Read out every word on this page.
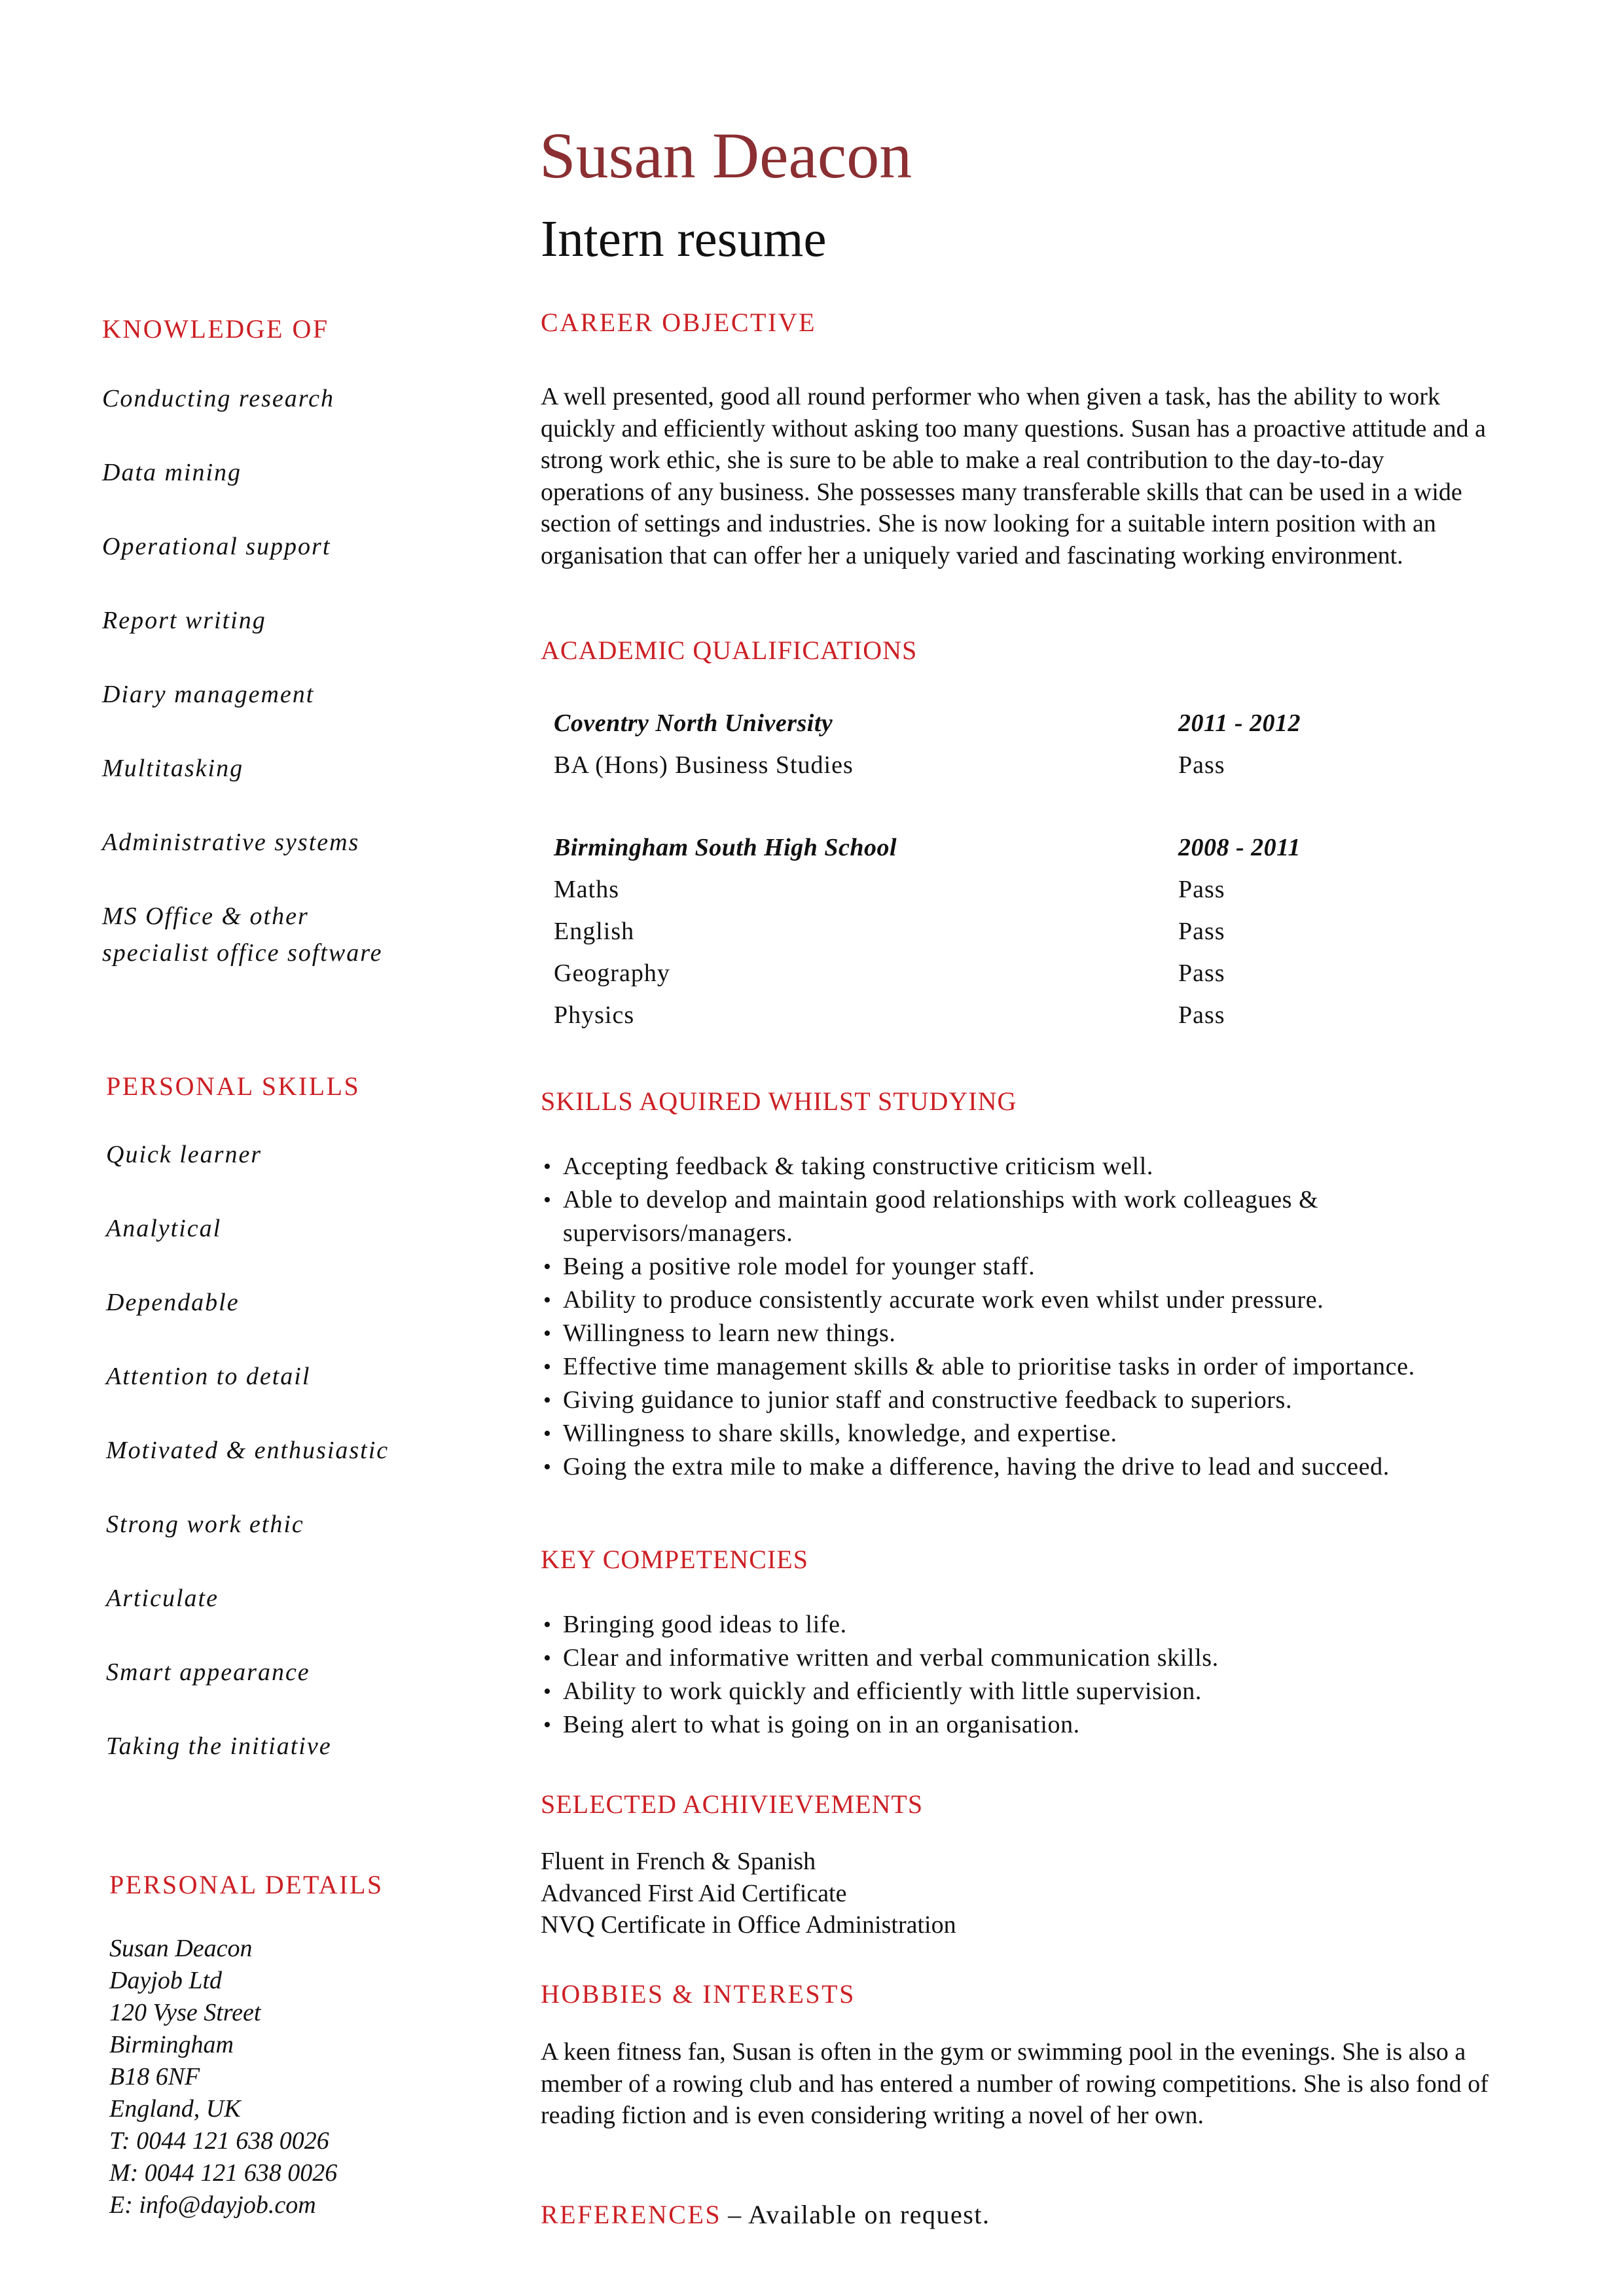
Susan Deacon
Intern resume
KNOWLEDGE OF
Conducting research
Data mining
Operational support
Report writing
Diary management
Multitasking
Administrative systems
MS Office & other
specialist office software
PERSONAL SKILLS
Quick learner
Analytical
Dependable
Attention to detail
Motivated & enthusiastic
Strong work ethic
Articulate
Smart appearance
Taking the initiative
PERSONAL DETAILS
Susan Deacon
Dayjob Ltd
120 Vyse Street
Birmingham
B18 6NF
England, UK
T: 0044 121 638 0026
M: 0044 121 638 0026
E: info@dayjob.com
CAREER OBJECTIVE

A well presented, good all round performer who when given a task, has the ability to work quickly and efficiently without asking too many questions. Susan has a proactive attitude and a strong work ethic, she is sure to be able to make a real contribution to the day-to-day operations of any business. She possesses many transferable skills that can be used in a wide section of settings and industries. She is now looking for a suitable intern position with an organisation that can offer her a uniquely varied and fascinating working environment.

ACADEMIC QUALIFICATIONS
Coventry North University	2011 - 2012
BA (Hons) Business Studies	Pass

Birmingham South High School	2008 - 2011
Maths	Pass
English	Pass
Geography	Pass
Physics	Pass
SKILLS AQUIRED WHILST STUDYING
• Accepting feedback & taking constructive criticism well.
• Able to develop and maintain good relationships with work colleagues & supervisors/managers.
• Being a positive role model for younger staff.
• Ability to produce consistently accurate work even whilst under pressure.
• Willingness to learn new things.
• Effective time management skills & able to prioritise tasks in order of importance.
• Giving guidance to junior staff and constructive feedback to superiors.
• Willingness to share skills, knowledge, and expertise.
• Going the extra mile to make a difference, having the drive to lead and succeed.
KEY COMPETENCIES
• Bringing good ideas to life.
• Clear and informative written and verbal communication skills.
• Ability to work quickly and efficiently with little supervision.
• Being alert to what is going on in an organisation.
SELECTED ACHIVIEVEMENTS
Fluent in French & Spanish
Advanced First Aid Certificate
NVQ Certificate in Office Administration
HOBBIES & INTERESTS

A keen fitness fan, Susan is often in the gym or swimming pool in the evenings. She is also a member of a rowing club and has entered a number of rowing competitions. She is also fond of reading fiction and is even considering writing a novel of her own.

REFERENCES – Available on request.
